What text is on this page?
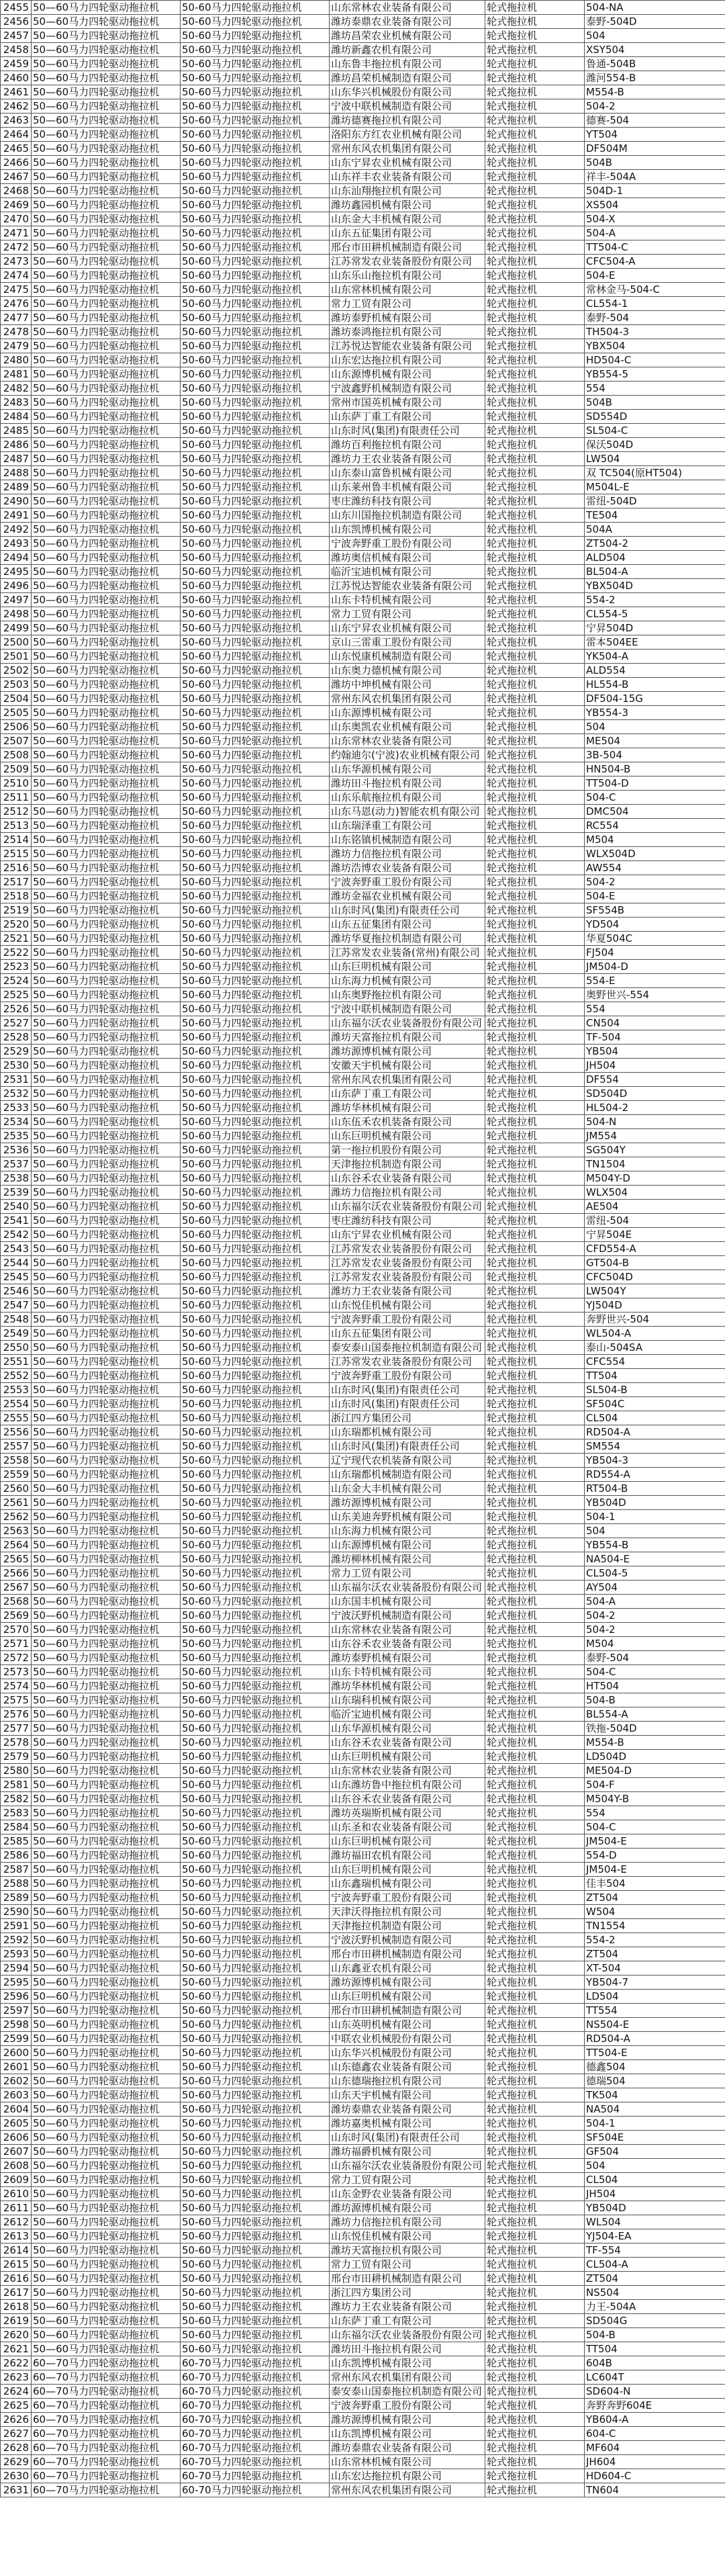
2455	50—60马力四轮驱动拖拉机	50-60马力四轮驱动拖拉机	山东常林农业装备有限公司	轮式拖拉机	504-NA
2456	50—60马力四轮驱动拖拉机	50-60马力四轮驱动拖拉机	潍坊泰鼎农业装备有限公司	轮式拖拉机	泰野-504D
2457	50—60马力四轮驱动拖拉机	50-60马力四轮驱动拖拉机	潍坊昌荣农业机械有限公司	轮式拖拉机	504
2458	50—60马力四轮驱动拖拉机	50-60马力四轮驱动拖拉机	潍坊新鑫农机有限公司	轮式拖拉机	XSY504
2459	50—60马力四轮驱动拖拉机	50-60马力四轮驱动拖拉机	山东鲁丰拖拉机有限公司	轮式拖拉机	鲁通-504B
2460	50—60马力四轮驱动拖拉机	50-60马力四轮驱动拖拉机	潍坊昌荣机械制造有限公司	轮式拖拉机	潍河554-B
2461	50—60马力四轮驱动拖拉机	50-60马力四轮驱动拖拉机	山东华兴机械股份有限公司	轮式拖拉机	M554-B
2462	50—60马力四轮驱动拖拉机	50-60马力四轮驱动拖拉机	宁波中联机械制造有限公司	轮式拖拉机	504-2
2463	50—60马力四轮驱动拖拉机	50-60马力四轮驱动拖拉机	潍坊德赛拖拉机有限公司	轮式拖拉机	德赛-504
2464	50—60马力四轮驱动拖拉机	50-60马力四轮驱动拖拉机	洛阳东方红农业机械有限公司	轮式拖拉机	YT504
2465	50—60马力四轮驱动拖拉机	50-60马力四轮驱动拖拉机	常州东风农机集团有限公司	轮式拖拉机	DF504M
2466	50—60马力四轮驱动拖拉机	50-60马力四轮驱动拖拉机	山东宁昇农业机械有限公司	轮式拖拉机	504B
2467	50—60马力四轮驱动拖拉机	50-60马力四轮驱动拖拉机	山东祥丰农业装备有限公司	轮式拖拉机	祥丰-504A
2468	50—60马力四轮驱动拖拉机	50-60马力四轮驱动拖拉机	山东汕翔拖拉机有限公司	轮式拖拉机	504D-1
2469	50—60马力四轮驱动拖拉机	50-60马力四轮驱动拖拉机	潍坊鑫园机械有限公司	轮式拖拉机	XS504
2470	50—60马力四轮驱动拖拉机	50-60马力四轮驱动拖拉机	山东金大丰机械有限公司	轮式拖拉机	504-X
2471	50—60马力四轮驱动拖拉机	50-60马力四轮驱动拖拉机	山东五征集团有限公司	轮式拖拉机	504-A
2472	50—60马力四轮驱动拖拉机	50-60马力四轮驱动拖拉机	邢台市田耕机械制造有限公司	轮式拖拉机	TT504-C
2473	50—60马力四轮驱动拖拉机	50-60马力四轮驱动拖拉机	江苏常发农业装备股份有限公司	轮式拖拉机	CFC504-A
2474	50—60马力四轮驱动拖拉机	50-60马力四轮驱动拖拉机	山东乐山拖拉机有限公司	轮式拖拉机	504-E
2475	50—60马力四轮驱动拖拉机	50-60马力四轮驱动拖拉机	山东常林机械有限公司	轮式拖拉机	常林金马-504-C
2476	50—60马力四轮驱动拖拉机	50-60马力四轮驱动拖拉机	常力工贸有限公司	轮式拖拉机	CL554-1
2477	50—60马力四轮驱动拖拉机	50-60马力四轮驱动拖拉机	潍坊泰野机械有限公司	轮式拖拉机	泰野-504
2478	50—60马力四轮驱动拖拉机	50-60马力四轮驱动拖拉机	潍坊泰鸿拖拉机有限公司	轮式拖拉机	TH504-3
2479	50—60马力四轮驱动拖拉机	50-60马力四轮驱动拖拉机	江苏悦达智能农业装备有限公司	轮式拖拉机	YBX504
2480	50—60马力四轮驱动拖拉机	50-60马力四轮驱动拖拉机	山东宏达拖拉机有限公司	轮式拖拉机	HD504-C
2481	50—60马力四轮驱动拖拉机	50-60马力四轮驱动拖拉机	山东源博机械有限公司	轮式拖拉机	YB554-5
2482	50—60马力四轮驱动拖拉机	50-60马力四轮驱动拖拉机	宁波鑫野机械制造有限公司	轮式拖拉机	554
2483	50—60马力四轮驱动拖拉机	50-60马力四轮驱动拖拉机	常州市国英机械有限公司	轮式拖拉机	504B
2484	50—60马力四轮驱动拖拉机	50-60马力四轮驱动拖拉机	山东萨丁重工有限公司	轮式拖拉机	SD554D
2485	50—60马力四轮驱动拖拉机	50-60马力四轮驱动拖拉机	山东时风(集团)有限责任公司	轮式拖拉机	SL504-C
2486	50—60马力四轮驱动拖拉机	50-60马力四轮驱动拖拉机	潍坊百利拖拉机有限公司	轮式拖拉机	保沃504D
2487	50—60马力四轮驱动拖拉机	50-60马力四轮驱动拖拉机	潍坊力王农业装备有限公司	轮式拖拉机	LW504
2488	50—60马力四轮驱动拖拉机	50-60马力四轮驱动拖拉机	山东泰山富鲁机械有限公司	轮式拖拉机	双 TC504(原HT504)
2489	50—60马力四轮驱动拖拉机	50-60马力四轮驱动拖拉机	山东莱州鲁丰机械有限公司	轮式拖拉机	M504L-E
2490	50—60马力四轮驱动拖拉机	50-60马力四轮驱动拖拉机	枣庄潍纺科技有限公司	轮式拖拉机	雷纽-504D
2491	50—60马力四轮驱动拖拉机	50-60马力四轮驱动拖拉机	山东川国拖拉机制造有限公司	轮式拖拉机	TE504
2492	50—60马力四轮驱动拖拉机	50-60马力四轮驱动拖拉机	山东凯博机械有限公司	轮式拖拉机	504A
2493	50—60马力四轮驱动拖拉机	50-60马力四轮驱动拖拉机	宁波奔野重工股份有限公司	轮式拖拉机	ZT504-2
2494	50—60马力四轮驱动拖拉机	50-60马力四轮驱动拖拉机	潍坊奥信机械有限公司	轮式拖拉机	ALD504
2495	50—60马力四轮驱动拖拉机	50-60马力四轮驱动拖拉机	临沂宝迪机械有限公司	轮式拖拉机	BL504-A
2496	50—60马力四轮驱动拖拉机	50-60马力四轮驱动拖拉机	江苏悦达智能农业装备有限公司	轮式拖拉机	YBX504D
2497	50—60马力四轮驱动拖拉机	50-60马力四轮驱动拖拉机	山东卡特机械有限公司	轮式拖拉机	554-2
2498	50—60马力四轮驱动拖拉机	50-60马力四轮驱动拖拉机	常力工贸有限公司	轮式拖拉机	CL554-5
2499	50—60马力四轮驱动拖拉机	50-60马力四轮驱动拖拉机	山东宁昇农业机械有限公司	轮式拖拉机	宁昇504D
2500	50—60马力四轮驱动拖拉机	50-60马力四轮驱动拖拉机	京山三雷重工股份有限公司	轮式拖拉机	雷本504EE
2501	50—60马力四轮驱动拖拉机	50-60马力四轮驱动拖拉机	山东悦康机械制造有限公司	轮式拖拉机	YK504-A
2502	50—60马力四轮驱动拖拉机	50-60马力四轮驱动拖拉机	山东奥力德机械有限公司	轮式拖拉机	ALD554
2503	50—60马力四轮驱动拖拉机	50-60马力四轮驱动拖拉机	潍坊中坤机械有限公司	轮式拖拉机	HL554-B
2504	50—60马力四轮驱动拖拉机	50-60马力四轮驱动拖拉机	常州东风农机集团有限公司	轮式拖拉机	DF504-15G
2505	50—60马力四轮驱动拖拉机	50-60马力四轮驱动拖拉机	山东源博机械有限公司	轮式拖拉机	YB554-3
2506	50—60马力四轮驱动拖拉机	50-60马力四轮驱动拖拉机	山东奥凯农业机械有限公司	轮式拖拉机	504
2507	50—60马力四轮驱动拖拉机	50-60马力四轮驱动拖拉机	山东常林农业装备有限公司	轮式拖拉机	ME504
2508	50—60马力四轮驱动拖拉机	50-60马力四轮驱动拖拉机	约翰迪尔(宁波)农业机械有限公司	轮式拖拉机	3B-504
2509	50—60马力四轮驱动拖拉机	50-60马力四轮驱动拖拉机	山东华源机械有限公司	轮式拖拉机	HN504-B
2510	50—60马力四轮驱动拖拉机	50-60马力四轮驱动拖拉机	潍坊田斗拖拉机有限公司	轮式拖拉机	TT504-D
2511	50—60马力四轮驱动拖拉机	50-60马力四轮驱动拖拉机	山东乐航拖拉机有限公司	轮式拖拉机	504-C
2512	50—60马力四轮驱动拖拉机	50-60马力四轮驱动拖拉机	山东马恩(动力)智能农机有限公司	轮式拖拉机	DMC504
2513	50—60马力四轮驱动拖拉机	50-60马力四轮驱动拖拉机	山东瑞泽重工有限公司	轮式拖拉机	RC554
2514	50—60马力四轮驱动拖拉机	50-60马力四轮驱动拖拉机	山东铭镇机械制造有限公司	轮式拖拉机	M504
2515	50—60马力四轮驱动拖拉机	50-60马力四轮驱动拖拉机	潍坊力信拖拉机有限公司	轮式拖拉机	WLX504D
2516	50—60马力四轮驱动拖拉机	50-60马力四轮驱动拖拉机	潍坊浩博农业装备有限公司	轮式拖拉机	AW554
2517	50—60马力四轮驱动拖拉机	50-60马力四轮驱动拖拉机	宁波奔野重工股份有限公司	轮式拖拉机	504-2
2518	50—60马力四轮驱动拖拉机	50-60马力四轮驱动拖拉机	潍坊金福农业机械有限公司	轮式拖拉机	504-E
2519	50—60马力四轮驱动拖拉机	50-60马力四轮驱动拖拉机	山东时风(集团)有限责任公司	轮式拖拉机	SF554B
2520	50—60马力四轮驱动拖拉机	50-60马力四轮驱动拖拉机	山东五征集团有限公司	轮式拖拉机	YD504
2521	50—60马力四轮驱动拖拉机	50-60马力四轮驱动拖拉机	潍坊华夏拖拉机制造有限公司	轮式拖拉机	华夏504C
2522	50—60马力四轮驱动拖拉机	50-60马力四轮驱动拖拉机	江苏常发农业装备(常州)有限公司	轮式拖拉机	FJ504
2523	50—60马力四轮驱动拖拉机	50-60马力四轮驱动拖拉机	山东巨明机械有限公司	轮式拖拉机	JM504-D
2524	50—60马力四轮驱动拖拉机	50-60马力四轮驱动拖拉机	山东海力机械有限公司	轮式拖拉机	554-E
2525	50—60马力四轮驱动拖拉机	50-60马力四轮驱动拖拉机	山东奥野拖拉机有限公司	轮式拖拉机	奥野世兴-554
2526	50—60马力四轮驱动拖拉机	50-60马力四轮驱动拖拉机	宁波中联机械制造有限公司	轮式拖拉机	554
2527	50—60马力四轮驱动拖拉机	50-60马力四轮驱动拖拉机	山东福尔沃农业装备股份有限公司	轮式拖拉机	CN504
2528	50—60马力四轮驱动拖拉机	50-60马力四轮驱动拖拉机	潍坊天富拖拉机有限公司	轮式拖拉机	TF-504
2529	50—60马力四轮驱动拖拉机	50-60马力四轮驱动拖拉机	潍坊源博机械有限公司	轮式拖拉机	YB504
2530	50—60马力四轮驱动拖拉机	50-60马力四轮驱动拖拉机	安徽天宇机械有限公司	轮式拖拉机	JH504
2531	50—60马力四轮驱动拖拉机	50-60马力四轮驱动拖拉机	常州东风农机集团有限公司	轮式拖拉机	DF554
2532	50—60马力四轮驱动拖拉机	50-60马力四轮驱动拖拉机	山东萨丁重工有限公司	轮式拖拉机	SD504D
2533	50—60马力四轮驱动拖拉机	50-60马力四轮驱动拖拉机	潍坊华林机械有限公司	轮式拖拉机	HL504-2
2534	50—60马力四轮驱动拖拉机	50-60马力四轮驱动拖拉机	山东伍禾农机装备有限公司	轮式拖拉机	504-N
2535	50—60马力四轮驱动拖拉机	50-60马力四轮驱动拖拉机	山东巨明机械有限公司	轮式拖拉机	JM554
2536	50—60马力四轮驱动拖拉机	50-60马力四轮驱动拖拉机	第一拖拉机股份有限公司	轮式拖拉机	SG504Y
2537	50—60马力四轮驱动拖拉机	50-60马力四轮驱动拖拉机	天津拖拉机制造有限公司	轮式拖拉机	TN1504
2538	50—60马力四轮驱动拖拉机	50-60马力四轮驱动拖拉机	山东谷禾农业装备有限公司	轮式拖拉机	M504Y-D
2539	50—60马力四轮驱动拖拉机	50-60马力四轮驱动拖拉机	潍坊力信拖拉机有限公司	轮式拖拉机	WLX504
2540	50—60马力四轮驱动拖拉机	50-60马力四轮驱动拖拉机	山东福尔沃农业装备股份有限公司	轮式拖拉机	AE504
2541	50—60马力四轮驱动拖拉机	50-60马力四轮驱动拖拉机	枣庄潍纺科技有限公司	轮式拖拉机	雷纽-504
2542	50—60马力四轮驱动拖拉机	50-60马力四轮驱动拖拉机	山东宁昇农业机械有限公司	轮式拖拉机	宁昇504E
2543	50—60马力四轮驱动拖拉机	50-60马力四轮驱动拖拉机	江苏常发农业装备股份有限公司	轮式拖拉机	CFD554-A
2544	50—60马力四轮驱动拖拉机	50-60马力四轮驱动拖拉机	江苏常发农业装备股份有限公司	轮式拖拉机	GT504-B
2545	50—60马力四轮驱动拖拉机	50-60马力四轮驱动拖拉机	江苏常发农业装备股份有限公司	轮式拖拉机	CFC504D
2546	50—60马力四轮驱动拖拉机	50-60马力四轮驱动拖拉机	潍坊力王农业装备有限公司	轮式拖拉机	LW504Y
2547	50—60马力四轮驱动拖拉机	50-60马力四轮驱动拖拉机	山东悦佳机械有限公司	轮式拖拉机	YJ504D
2548	50—60马力四轮驱动拖拉机	50-60马力四轮驱动拖拉机	宁波奔野重工股份有限公司	轮式拖拉机	奔野世兴-504
2549	50—60马力四轮驱动拖拉机	50-60马力四轮驱动拖拉机	山东五征集团有限公司	轮式拖拉机	WL504-A
2550	50—60马力四轮驱动拖拉机	50-60马力四轮驱动拖拉机	泰安泰山国泰拖拉机制造有限公司	轮式拖拉机	泰山-504SA
2551	50—60马力四轮驱动拖拉机	50-60马力四轮驱动拖拉机	江苏常发农业装备股份有限公司	轮式拖拉机	CFC554
2552	50—60马力四轮驱动拖拉机	50-60马力四轮驱动拖拉机	宁波奔野重工股份有限公司	轮式拖拉机	TT504
2553	50—60马力四轮驱动拖拉机	50-60马力四轮驱动拖拉机	山东时风(集团)有限责任公司	轮式拖拉机	SL504-B
2554	50—60马力四轮驱动拖拉机	50-60马力四轮驱动拖拉机	山东时风(集团)有限责任公司	轮式拖拉机	SF504C
2555	50—60马力四轮驱动拖拉机	50-60马力四轮驱动拖拉机	浙江四方集团公司	轮式拖拉机	CL504
2556	50—60马力四轮驱动拖拉机	50-60马力四轮驱动拖拉机	山东瑞都机械有限公司	轮式拖拉机	RD504-A
2557	50—60马力四轮驱动拖拉机	50-60马力四轮驱动拖拉机	山东时风(集团)有限责任公司	轮式拖拉机	SM554
2558	50—60马力四轮驱动拖拉机	50-60马力四轮驱动拖拉机	辽宁现代农机装备有限公司	轮式拖拉机	YB504-3
2559	50—60马力四轮驱动拖拉机	50-60马力四轮驱动拖拉机	山东瑞都机械制造有限公司	轮式拖拉机	RD554-A
2560	50—60马力四轮驱动拖拉机	50-60马力四轮驱动拖拉机	山东金大丰机械有限公司	轮式拖拉机	RT504-B
2561	50—60马力四轮驱动拖拉机	50-60马力四轮驱动拖拉机	潍坊源博机械有限公司	轮式拖拉机	YB504D
2562	50—60马力四轮驱动拖拉机	50-60马力四轮驱动拖拉机	山东美迪奔野机械有限公司	轮式拖拉机	504-1
2563	50—60马力四轮驱动拖拉机	50-60马力四轮驱动拖拉机	山东海力机械有限公司	轮式拖拉机	504
2564	50—60马力四轮驱动拖拉机	50-60马力四轮驱动拖拉机	山东源博机械有限公司	轮式拖拉机	YB554-B
2565	50—60马力四轮驱动拖拉机	50-60马力四轮驱动拖拉机	潍坊柳林机械有限公司	轮式拖拉机	NA504-E
2566	50—60马力四轮驱动拖拉机	50-60马力四轮驱动拖拉机	常力工贸有限公司	轮式拖拉机	CL504-5
2567	50—60马力四轮驱动拖拉机	50-60马力四轮驱动拖拉机	山东福尔沃农业装备股份有限公司	轮式拖拉机	AY504
2568	50—60马力四轮驱动拖拉机	50-60马力四轮驱动拖拉机	山东国丰机械有限公司	轮式拖拉机	504-A
2569	50—60马力四轮驱动拖拉机	50-60马力四轮驱动拖拉机	宁波沃野机械制造有限公司	轮式拖拉机	504-2
2570	50—60马力四轮驱动拖拉机	50-60马力四轮驱动拖拉机	山东常林农业装备有限公司	轮式拖拉机	504-2
2571	50—60马力四轮驱动拖拉机	50-60马力四轮驱动拖拉机	山东谷禾农业装备有限公司	轮式拖拉机	M504
2572	50—60马力四轮驱动拖拉机	50-60马力四轮驱动拖拉机	潍坊泰野机械有限公司	轮式拖拉机	泰野-504
2573	50—60马力四轮驱动拖拉机	50-60马力四轮驱动拖拉机	山东卡特机械有限公司	轮式拖拉机	504-C
2574	50—60马力四轮驱动拖拉机	50-60马力四轮驱动拖拉机	潍坊华林机械有限公司	轮式拖拉机	HT504
2575	50—60马力四轮驱动拖拉机	50-60马力四轮驱动拖拉机	山东瑞科机械有限公司	轮式拖拉机	504-B
2576	50—60马力四轮驱动拖拉机	50-60马力四轮驱动拖拉机	临沂宝迪机械有限公司	轮式拖拉机	BL554-A
2577	50—60马力四轮驱动拖拉机	50-60马力四轮驱动拖拉机	山东华源机械有限公司	轮式拖拉机	铁拖-504D
2578	50—60马力四轮驱动拖拉机	50-60马力四轮驱动拖拉机	山东谷禾农业装备有限公司	轮式拖拉机	M554-B
2579	50—60马力四轮驱动拖拉机	50-60马力四轮驱动拖拉机	山东巨明机械有限公司	轮式拖拉机	LD504D
2580	50—60马力四轮驱动拖拉机	50-60马力四轮驱动拖拉机	山东常林农业装备有限公司	轮式拖拉机	ME504-D
2581	50—60马力四轮驱动拖拉机	50-60马力四轮驱动拖拉机	山东潍坊鲁中拖拉机有限公司	轮式拖拉机	504-F
2582	50—60马力四轮驱动拖拉机	50-60马力四轮驱动拖拉机	山东谷禾农业装备有限公司	轮式拖拉机	M504Y-B
2583	50—60马力四轮驱动拖拉机	50-60马力四轮驱动拖拉机	潍坊英瑞斯机械有限公司	轮式拖拉机	554
2584	50—60马力四轮驱动拖拉机	50-60马力四轮驱动拖拉机	山东圣和农业装备有限公司	轮式拖拉机	504-C
2585	50—60马力四轮驱动拖拉机	50-60马力四轮驱动拖拉机	山东巨明机械有限公司	轮式拖拉机	JM504-E
2586	50—60马力四轮驱动拖拉机	50-60马力四轮驱动拖拉机	潍坊福田农机有限公司	轮式拖拉机	554-D
2587	50—60马力四轮驱动拖拉机	50-60马力四轮驱动拖拉机	山东巨明机械有限公司	轮式拖拉机	JM504-E
2588	50—60马力四轮驱动拖拉机	50-60马力四轮驱动拖拉机	山东鑫瑞机械有限公司	轮式拖拉机	佳丰504
2589	50—60马力四轮驱动拖拉机	50-60马力四轮驱动拖拉机	宁波奔野重工股份有限公司	轮式拖拉机	ZT504
2590	50—60马力四轮驱动拖拉机	50-60马力四轮驱动拖拉机	天津沃得拖拉机有限公司	轮式拖拉机	W504
2591	50—60马力四轮驱动拖拉机	50-60马力四轮驱动拖拉机	天津拖拉机制造有限公司	轮式拖拉机	TN1554
2592	50—60马力四轮驱动拖拉机	50-60马力四轮驱动拖拉机	宁波沃野机械制造有限公司	轮式拖拉机	554-2
2593	50—60马力四轮驱动拖拉机	50-60马力四轮驱动拖拉机	邢台市田耕机械制造有限公司	轮式拖拉机	ZT504
2594	50—60马力四轮驱动拖拉机	50-60马力四轮驱动拖拉机	山东鑫亚农机有限公司	轮式拖拉机	XT-504
2595	50—60马力四轮驱动拖拉机	50-60马力四轮驱动拖拉机	潍坊源博机械有限公司	轮式拖拉机	YB504-7
2596	50—60马力四轮驱动拖拉机	50-60马力四轮驱动拖拉机	山东巨明机械有限公司	轮式拖拉机	LD504
2597	50—60马力四轮驱动拖拉机	50-60马力四轮驱动拖拉机	邢台市田耕机械制造有限公司	轮式拖拉机	TT554
2598	50—60马力四轮驱动拖拉机	50-60马力四轮驱动拖拉机	山东英明机械有限公司	轮式拖拉机	NS504-E
2599	50—60马力四轮驱动拖拉机	50-60马力四轮驱动拖拉机	中联农业机械股份有限公司	轮式拖拉机	RD504-A
2600	50—60马力四轮驱动拖拉机	50-60马力四轮驱动拖拉机	山东华兴机械股份有限公司	轮式拖拉机	TT504-E
2601	50—60马力四轮驱动拖拉机	50-60马力四轮驱动拖拉机	山东德鑫农业装备有限公司	轮式拖拉机	德鑫504
2602	50—60马力四轮驱动拖拉机	50-60马力四轮驱动拖拉机	山东德瑞拖拉机有限公司	轮式拖拉机	德瑞504
2603	50—60马力四轮驱动拖拉机	50-60马力四轮驱动拖拉机	山东天宇机械有限公司	轮式拖拉机	TK504
2604	50—60马力四轮驱动拖拉机	50-60马力四轮驱动拖拉机	潍坊泰鼎农业装备有限公司	轮式拖拉机	NA504
2605	50—60马力四轮驱动拖拉机	50-60马力四轮驱动拖拉机	潍坊嘉奥机械有限公司	轮式拖拉机	504-1
2606	50—60马力四轮驱动拖拉机	50-60马力四轮驱动拖拉机	山东时风(集团)有限责任公司	轮式拖拉机	SF504E
2607	50—60马力四轮驱动拖拉机	50-60马力四轮驱动拖拉机	潍坊福爵机械有限公司	轮式拖拉机	GF504
2608	50—60马力四轮驱动拖拉机	50-60马力四轮驱动拖拉机	山东福尔沃农业装备股份有限公司	轮式拖拉机	504
2609	50—60马力四轮驱动拖拉机	50-60马力四轮驱动拖拉机	常力工贸有限公司	轮式拖拉机	CL504
2610	50—60马力四轮驱动拖拉机	50-60马力四轮驱动拖拉机	山东金野农业装备有限公司	轮式拖拉机	JH504
2611	50—60马力四轮驱动拖拉机	50-60马力四轮驱动拖拉机	潍坊源博机械有限公司	轮式拖拉机	YB504D
2612	50—60马力四轮驱动拖拉机	50-60马力四轮驱动拖拉机	潍坊力信拖拉机有限公司	轮式拖拉机	WL504
2613	50—60马力四轮驱动拖拉机	50-60马力四轮驱动拖拉机	山东悦佳机械有限公司	轮式拖拉机	YJ504-EA
2614	50—60马力四轮驱动拖拉机	50-60马力四轮驱动拖拉机	潍坊天富拖拉机有限公司	轮式拖拉机	TF-554
2615	50—60马力四轮驱动拖拉机	50-60马力四轮驱动拖拉机	常力工贸有限公司	轮式拖拉机	CL504-A
2616	50—60马力四轮驱动拖拉机	50-60马力四轮驱动拖拉机	邢台市田耕机械制造有限公司	轮式拖拉机	ZT504
2617	50—60马力四轮驱动拖拉机	50-60马力四轮驱动拖拉机	浙江四方集团公司	轮式拖拉机	NS504
2618	50—60马力四轮驱动拖拉机	50-60马力四轮驱动拖拉机	潍坊力王农业装备有限公司	轮式拖拉机	力王-504A
2619	50—60马力四轮驱动拖拉机	50-60马力四轮驱动拖拉机	山东萨丁重工有限公司	轮式拖拉机	SD504G
2620	50—60马力四轮驱动拖拉机	50-60马力四轮驱动拖拉机	山东福尔沃农业装备股份有限公司	轮式拖拉机	504-B
2621	50—60马力四轮驱动拖拉机	50-60马力四轮驱动拖拉机	潍坊田斗拖拉机有限公司	轮式拖拉机	TT504
2622	60—70马力四轮驱动拖拉机	60-70马力四轮驱动拖拉机	山东凯博机械有限公司	轮式拖拉机	604B
2623	60—70马力四轮驱动拖拉机	60-70马力四轮驱动拖拉机	常州东风农机集团有限公司	轮式拖拉机	LC604T
2624	60—70马力四轮驱动拖拉机	60-70马力四轮驱动拖拉机	泰安泰山国泰拖拉机制造有限公司	轮式拖拉机	SD604-N
2625	60—70马力四轮驱动拖拉机	60-70马力四轮驱动拖拉机	宁波奔野重工股份有限公司	轮式拖拉机	奔野奔野604E
2626	60—70马力四轮驱动拖拉机	60-70马力四轮驱动拖拉机	潍坊源博机械有限公司	轮式拖拉机	YB604-A
2627	60—70马力四轮驱动拖拉机	60-70马力四轮驱动拖拉机	山东凯博机械有限公司	轮式拖拉机	604-C
2628	60—70马力四轮驱动拖拉机	60-70马力四轮驱动拖拉机	潍坊泰鼎农业装备有限公司	轮式拖拉机	MF604
2629	60—70马力四轮驱动拖拉机	60-70马力四轮驱动拖拉机	山东常林机械有限公司	轮式拖拉机	JH604
2630	60—70马力四轮驱动拖拉机	60-70马力四轮驱动拖拉机	山东宏达拖拉机有限公司	轮式拖拉机	HD604-C
2631	60—70马力四轮驱动拖拉机	60-70马力四轮驱动拖拉机	常州东风农机集团有限公司	轮式拖拉机	TN604
